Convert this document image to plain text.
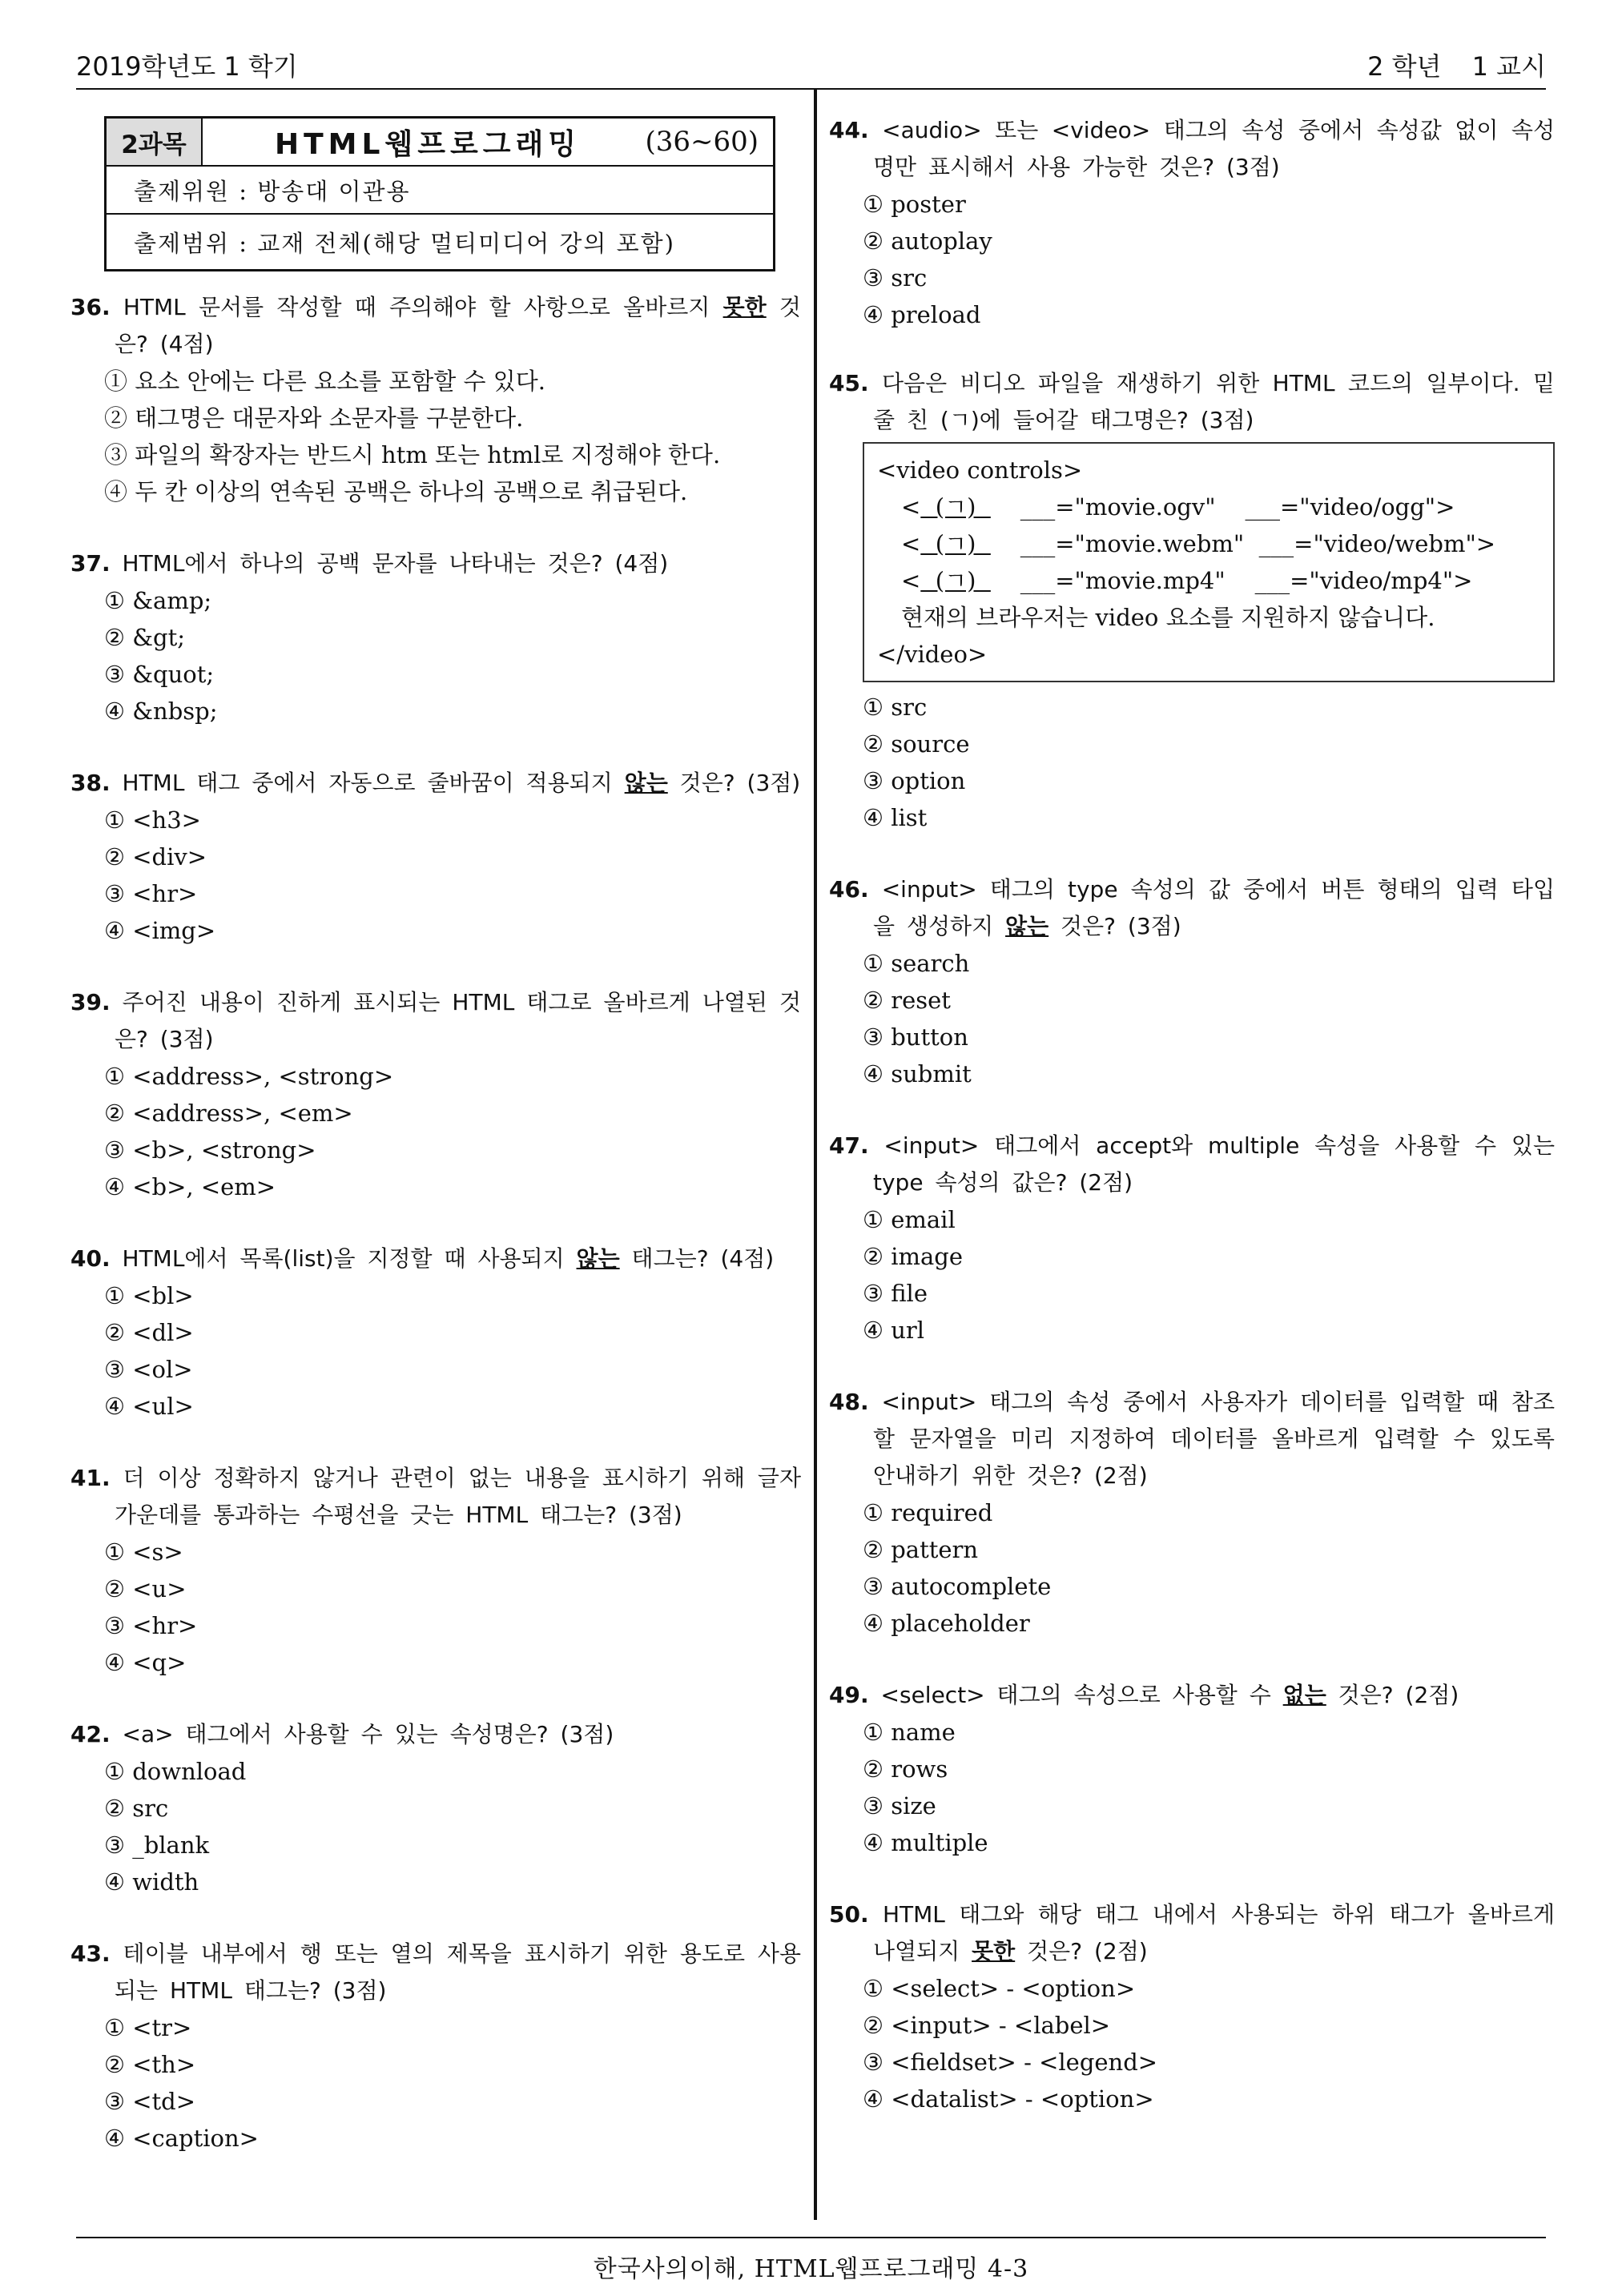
2019학년도 1 학기	2 학년 1 교시
2과목	HTML웹프로그래밍	(36~60)
출제위원 : 방송대 이관용
출제범위 : 교재 전체(해당 멀티미디어 강의 포함)
36. HTML 문서를 작성할 때 주의해야 할 사항으로 올바르지 못한 것은? (4점)
① 요소 안에는 다른 요소를 포함할 수 있다.
② 태그명은 대문자와 소문자를 구분한다.
③ 파일의 확장자는 반드시 htm 또는 html로 지정해야 한다.
④ 두 칸 이상의 연속된 공백은 하나의 공백으로 취급된다.
37. HTML에서 하나의 공백 문자를 나타내는 것은? (4점)
① &amp;
② &gt;
③ &quot;
④ &nbsp;
38. HTML 태그 중에서 자동으로 줄바꿈이 적용되지 않는 것은? (3점)
① <h3>
② <div>
③ <hr>
④ <img>
39. 주어진 내용이 진하게 표시되는 HTML 태그로 올바르게 나열된 것은? (3점)
① <address>, <strong>
② <address>, <em>
③ <b>, <strong>
④ <b>, <em>
40. HTML에서 목록(list)을 지정할 때 사용되지 않는 태그는? (4점)
① <bl>
② <dl>
③ <ol>
④ <ul>
41. 더 이상 정확하지 않거나 관련이 없는 내용을 표시하기 위해 글자 가운데를 통과하는 수평선을 긋는 HTML 태그는? (3점)
① <s>
② <u>
③ <hr>
④ <q>
42. <a> 태그에서 사용할 수 있는 속성명은? (3점)
① download
② src
③ _blank
④ width
43. 테이블 내부에서 행 또는 열의 제목을 표시하기 위한 용도로 사용되는 HTML 태그는? (3점)
① <tr>
② <th>
③ <td>
④ <caption>
44. <audio> 또는 <video> 태그의 속성 중에서 속성값 없이 속성명만 표시해서 사용 가능한 것은? (3점)
① poster
② autoplay
③ src
④ preload
45. 다음은 비디오 파일을 재생하기 위한 HTML 코드의 일부이다. 밑줄 친 (ㄱ)에 들어갈 태그명은? (3점)
<video controls>
<  (ㄱ)      ___="movie.ogv" ___="video/ogg">
<  (ㄱ)      ___="movie.webm" ___="video/webm">
<  (ㄱ)      ___="movie.mp4" ___="video/mp4">
현재의 브라우저는 video 요소를 지원하지 않습니다.
</video>
① src
② source
③ option
④ list
46. <input> 태그의 type 속성의 값 중에서 버튼 형태의 입력 타입을 생성하지 않는 것은? (3점)
① search
② reset
③ button
④ submit
47. <input> 태그에서 accept와 multiple 속성을 사용할 수 있는 type 속성의 값은? (2점)
① email
② image
③ file
④ url
48. <input> 태그의 속성 중에서 사용자가 데이터를 입력할 때 참조할 문자열을 미리 지정하여 데이터를 올바르게 입력할 수 있도록 안내하기 위한 것은? (2점)
① required
② pattern
③ autocomplete
④ placeholder
49. <select> 태그의 속성으로 사용할 수 없는 것은? (2점)
① name
② rows
③ size
④ multiple
50. HTML 태그와 해당 태그 내에서 사용되는 하위 태그가 올바르게 나열되지 못한 것은? (2점)
① <select> - <option>
② <input> - <label>
③ <fieldset> - <legend>
④ <datalist> - <option>
한국사의이해, HTML웹프로그래밍 4-3
